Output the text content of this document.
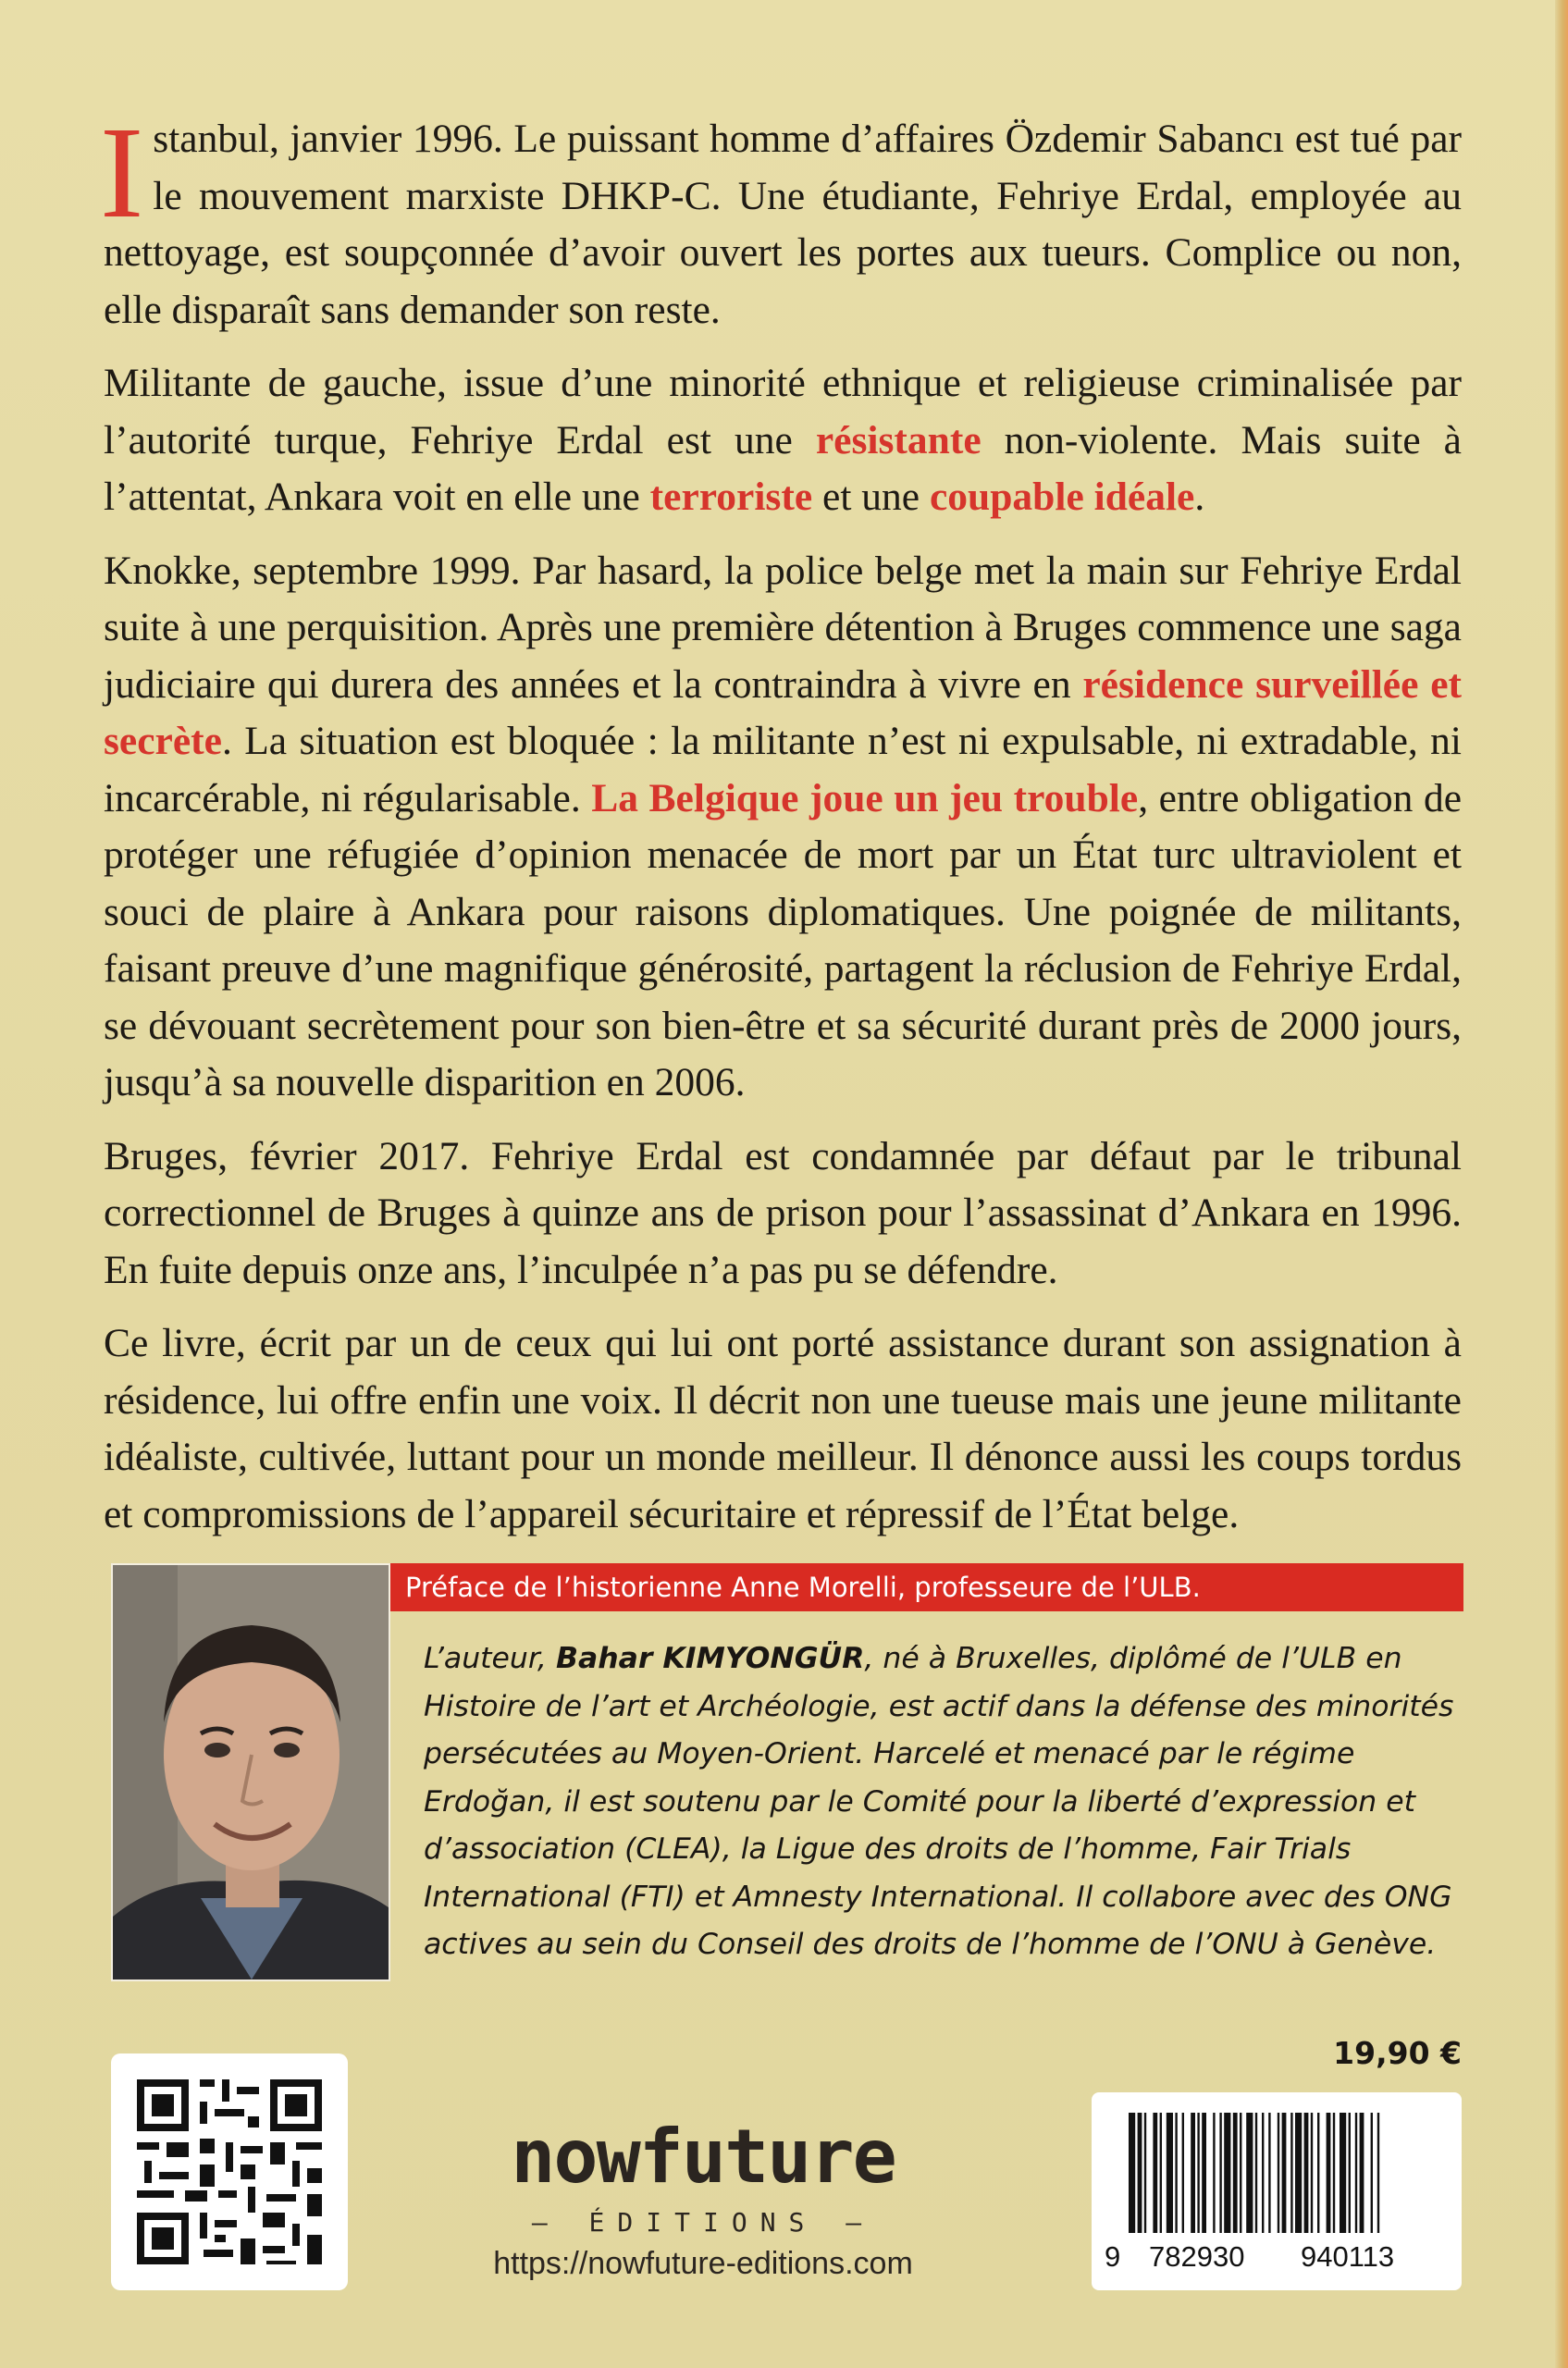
Istanbul, janvier 1996. Le puissant homme d’affaires Özdemir Sabancı est tué par le mouvement marxiste DHKP-C. Une étudiante, Fehriye Erdal, employée au nettoyage, est soupçonnée d’avoir ouvert les portes aux tueurs. Complice ou non, elle disparaît sans demander son reste.

Militante de gauche, issue d’une minorité ethnique et religieuse criminalisée par l’autorité turque, Fehriye Erdal est une résistante non-violente. Mais suite à l’attentat, Ankara voit en elle une terroriste et une coupable idéale.

Knokke, septembre 1999. Par hasard, la police belge met la main sur Fehriye Erdal suite à une perquisition. Après une première détention à Bruges commence une saga judiciaire qui durera des années et la contraindra à vivre en résidence surveillée et secrète. La situation est bloquée : la militante n’est ni expulsable, ni extradable, ni incarcérable, ni régularisable. La Belgique joue un jeu trouble, entre obligation de protéger une réfugiée d’opinion menacée de mort par un État turc ultraviolent et souci de plaire à Ankara pour raisons diplomatiques. Une poignée de militants, faisant preuve d’une magnifique générosité, partagent la réclusion de Fehriye Erdal, se dévouant secrètement pour son bien-être et sa sécurité durant près de 2000 jours, jusqu’à sa nouvelle disparition en 2006.

Bruges, février 2017. Fehriye Erdal est condamnée par défaut par le tribunal correctionnel de Bruges à quinze ans de prison pour l’assassinat d’Ankara en 1996. En fuite depuis onze ans, l’inculpée n’a pas pu se défendre.

Ce livre, écrit par un de ceux qui lui ont porté assistance durant son assignation à résidence, lui offre enfin une voix. Il décrit non une tueuse mais une jeune militante idéaliste, cultivée, luttant pour un monde meilleur. Il dénonce aussi les coups tordus et compromissions de l’appareil sécuritaire et répressif de l’État belge.

Préface de l’historienne Anne Morelli, professeure de l’ULB.
L’auteur, Bahar KIMYONGÜR, né à Bruxelles, diplômé de l’ULB en Histoire de l’art et Archéologie, est actif dans la défense des minorités persécutées au Moyen-Orient. Harcelé et menacé par le régime Erdoğan, il est soutenu par le Comité pour la liberté d’expression et d’association (CLEA), la Ligue des droits de l’homme, Fair Trials International (FTI) et Amnesty International. Il collabore avec des ONG actives au sein du Conseil des droits de l’homme de l’ONU à Genève.
19,90 €
nowfuture
— ÉDITIONS —
https://nowfuture-editions.com	9 782930 940113
